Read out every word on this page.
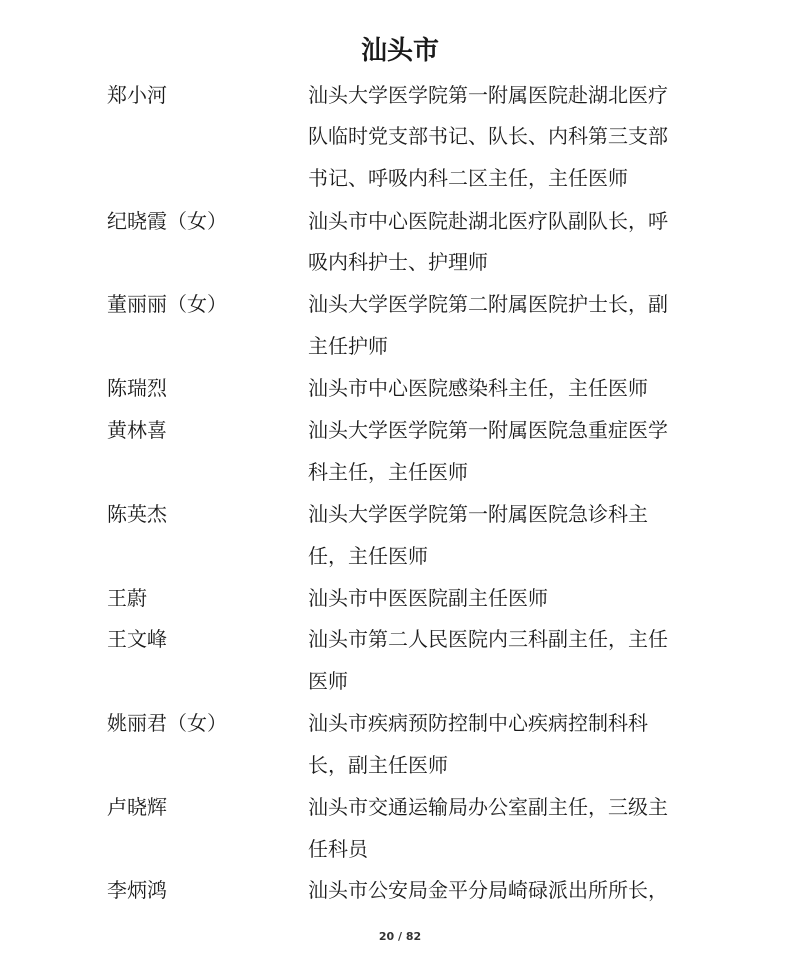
汕头市
郑小河	汕头大学医学院第一附属医院赴湖北医疗
队临时党支部书记、队长、内科第三支部
书记、呼吸内科二区主任，主任医师
纪晓霞（女）	汕头市中心医院赴湖北医疗队副队长，呼
吸内科护士、护理师
董丽丽（女）	汕头大学医学院第二附属医院护士长，副
主任护师
陈瑞烈	汕头市中心医院感染科主任，主任医师
黄林喜	汕头大学医学院第一附属医院急重症医学
科主任，主任医师
陈英杰	汕头大学医学院第一附属医院急诊科主
任，主任医师
王蔚	汕头市中医医院副主任医师
王文峰	汕头市第二人民医院内三科副主任，主任
医师
姚丽君（女）	汕头市疾病预防控制中心疾病控制科科
长，副主任医师
卢晓辉	汕头市交通运输局办公室副主任，三级主
任科员
李炳鸿	汕头市公安局金平分局崎碌派出所所长，
20 / 82
